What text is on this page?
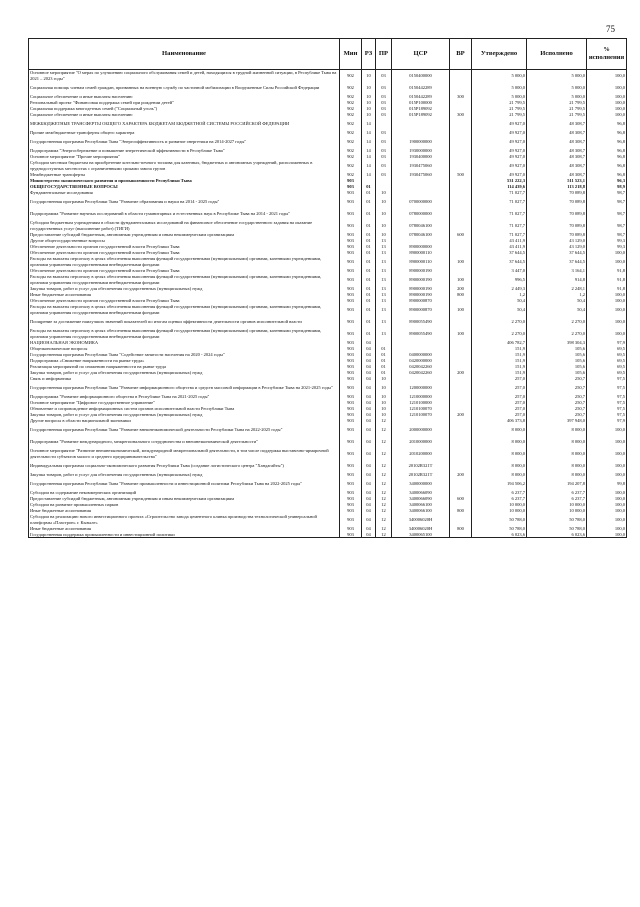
75
Наименование	Мин	РЗ	ПР	ЦСР	ВР	Утверждено	Исполнено	% исполнения
Основное мероприятие "О мерах по улучшению социального обслуживания семей и детей, находящихся в трудной жизненной ситуации, в Республике Тыва на 2021 – 2023 годы"	902	10	03	0150400000		5 000,0	5 000,0	100,0
Социальная помощь членам семей граждан, призванных на военную службу по частичной мобилизации в Вооруженные Силы Российской Федерации	902	10	03	0150442289		5 000,0	5 000,0	100,0
Социальное обеспечение и иные выплаты населению	902	10	03	0150442289	300	5 000,0	5 000,0	100,0
Региональный проект "Финансовая поддержка семей при рождении детей"	902	10	03	015P100000		21 799,5	21 799,5	100,0
Социальная поддержка многодетных семей ("Социальный уголь")	902	10	03	015P189092		21 799,5	21 799,5	100,0
Социальное обеспечение и иные выплаты населению	902	10	03	015P189092	300	21 799,5	21 799,5	100,0
МЕЖБЮДЖЕТНЫЕ ТРАНСФЕРТЫ ОБЩЕГО ХАРАКТЕРА БЮДЖЕТАМ БЮДЖЕТНОЙ СИСТЕМЫ РОССИЙСКОЙ ФЕДЕРАЦИИ	902	14				49 927,0	48 308,7	96,8
Прочие межбюджетные трансферты общего характера	902	14	03			49 927,0	48 308,7	96,8
Государственная программа Республики Тыва "Энергоэффективность и развитие энергетики на 2014-2027 годы"	902	14	03	1900000000		49 927,0	48 308,7	96,8
Подпрограмма "Энергосбережение и повышение энергетической эффективности в Республике Тыва"	902	14	03	1930000000		49 927,0	48 308,7	96,8
Основное мероприятие "Прочие мероприятия"	902	14	03	1930400000		49 927,0	48 308,7	96,8
Субсидии местным бюджетам на приобретение котельно-печного топлива для казенных, бюджетных и автономных учреждений, расположенных в труднодоступных местностях с ограниченными сроками завоза грузов	902	14	03	1930475060		49 927,0	48 308,7	96,8
Межбюджетные трансферты	902	14	03	1930475060	500	49 927,0	48 308,7	96,8
Министерство экономического развития и промышленности Республики Тыва	903					531 222,3	511 523,1	96,3
ОБЩЕГОСУДАРСТВЕННЫЕ ВОПРОСЫ	903	01				114 439,6	113 218,8	98,9
Фундаментальные исследования	903	01	10			71 027,7	70 089,8	98,7
Государственная программа Республики Тыва "Развитие образования и науки на 2014 - 2025 годы"	903	01	10	0700000000		71 027,7	70 089,8	98,7
Подпрограмма "Развитие научных исследований в области гуманитарных и естественных наук в Республике Тыва на 2014 - 2021 годы"	903	01	10	0780000000		71 027,7	70 089,8	98,7
Субсидии бюджетным учреждениям в области фундаментальных исследований на финансовое обеспечение государственного задания на оказание государственных услуг (выполнение работ) (ТИГИ)	903	01	10	0780046100		71 027,7	70 089,8	98,7
Предоставление субсидий бюджетным, автономным учреждениям и иным некоммерческим организациям	903	01	10	0780046100	600	71 027,7	70 089,8	98,7
Другие общегосударственные вопросы	903	01	13			43 411,9	43 129,0	99,3
Обеспечение деятельности органов государственной власти Республики Тыва	903	01	13	8900000000		43 411,9	43 129,0	99,3
Обеспечение деятельности органов государственной власти Республики Тыва	903	01	13	8900000110		37 644,5	37 644,5	100,0
Расходы на выплаты персоналу в целях обеспечения выполнения функций государственными (муниципальными) органами, казенными учреждениями, органами управления государственными внебюджетными фондами	903	01	13	8900000110	100	37 644,5	37 644,5	100,0
Обеспечение деятельности органов государственной власти Республики Тыва	903	01	13	8900000190		3 447,0	3 164,1	91,8
Расходы на выплаты персоналу в целях обеспечения выполнения функций государственными (муниципальными) органами, казенными учреждениями, органами управления государственными внебюджетными фондами	903	01	13	8900000190	100	996,5	914,8	91,8
Закупка товаров, работ и услуг для обеспечения государственных (муниципальных) нужд	903	01	13	8900000190	200	2 449,3	2 248,1	91,8
Иные бюджетные ассигнования	903	01	13	8900000190	800	1,2	1,2	100,0
Обеспечение деятельности органов государственной власти Республики Тыва	903	01	13	8900000870		50,4	50,4	100,0
Расходы на выплаты персоналу в целях обеспечения выполнения функций государственными (муниципальными) органами, казенными учреждениями, органами управления государственными внебюджетными фондами	903	01	13	8900000870	100	50,4	50,4	100,0
Поощрение за достижение наилучших значений показателей по итогам оценки эффективности деятельности органов исполнительной власти	903	01	13	8900055490		2 270,0	2 270,0	100,0
Расходы на выплаты персоналу в целях обеспечения выполнения функций государственными (муниципальными) органами, казенными учреждениями, органами управления государственными внебюджетными фондами	903	01	13	8900055490	100	2 270,0	2 270,0	100,0
НАЦИОНАЛЬНАЯ ЭКОНОМИКА	903	04				406 782,7	398 304,3	97,9
Общеэкономические вопросы	903	04	01			151,9	105,6	69,5
Государственная программа Республики Тыва "Содействие занятости населения на 2020 - 2024 годы"	903	04	01	0400000000		151,9	105,6	69,5
Подпрограмма «Снижение напряженности на рынке труда»	903	04	01	0420000000		151,9	105,6	69,5
Реализация мероприятий по снижению напряженности на рынке труда	903	04	01	0420042260		151,9	105,6	69,5
Закупка товаров, работ и услуг для обеспечения государственных (муниципальных) нужд	903	04	01	0420042260	200	151,9	105,6	69,5
Связь и информатика	903	04	10			257,0	250,7	97,5
Государственная программа Республики Тыва "Развитие информационного общества и средств массовой информации в Республике Тыва на 2021-2025 годы"	903	04	10	1200000000		257,0	250,7	97,5
Подпрограмма "Развитие информационного общества в Республике Тыва на 2021-2025 годы"	903	04	10	1210000000		257,0	250,7	97,5
Основное мероприятие "Цифровое государственное управление"	903	04	10	1210100000		257,0	250,7	97,5
Обновление и сопровождение информационных систем органов исполнительной власти Республики Тыва	903	04	10	1210100070		257,0	250,7	97,5
Закупка товаров, работ и услуг для обеспечения государственных (муниципальных) нужд	903	04	10	1210100070	200	257,0	250,7	97,5
Другие вопросы в области национальной экономики	903	04	12			406 373,8	397 948,0	97,9
Государственная программа Республики Тыва "Развитие внешнеэкономической деятельности Республики Тыва на 2022-2025 годы"	903	04	12	2000000000		8 000,0	8 000,0	100,0
Подпрограмма "Развитие международного, межрегионального сотрудничества и внешнеэкономической деятельности"	903	04	12	2010000000		8 000,0	8 000,0	100,0
Основное мероприятие "Развитие внешнеэкономической, международной межрегиональной деятельности, в том числе поддержка выставочно-ярмарочной деятельности субъектов малого и среднего предпринимательства"	903	04	12	2010200000		8 000,0	8 000,0	100,0
Индивидуальная программа социально-экономического развития Республики Тыва (создание логистического центра "Хандагайты")	903	04	12	20102R321T		8 000,0	8 000,0	100,0
Закупка товаров, работ и услуг для обеспечения государственных (муниципальных) нужд	903	04	12	20102R321T	200	8 000,0	8 000,0	100,0
Государственная программа Республики Тыва "Развитие промышленности и инвестиционной политики Республики Тыва на 2022-2025 годы"	903	04	12	3400000000		194 506,2	194 207,8	99,8
Субсидии на содержание некоммерческих организаций	903	04	12	3400066090		6 237,7	6 237,7	100,0
Предоставление субсидий бюджетным, автономным учреждениям и иным некоммерческим организациям	903	04	12	3400066090	600	6 237,7	6 237,7	100,0
Субсидии на развитие промышленных парков	903	04	12	3400066100		10 000,0	10 000,0	100,0
Иные бюджетные ассигнования	903	04	12	3400066100	800	10 000,0	10 000,0	100,0
Субсидии на реализацию нового инвестиционного проекта «Строительство завода цементного клинка производства технологической универсальной платформы «Пластрон» г. Кызыле»	903	04	12	340006020H		50 788,0	50 788,0	100,0
Иные бюджетные ассигнования	903	04	12	340006020H	800	50 788,0	50 788,0	100,0
Государственная поддержка промышленности и инвестиционной политики	903	04	12	3400065100		6 023,6	6 023,6	100,0
